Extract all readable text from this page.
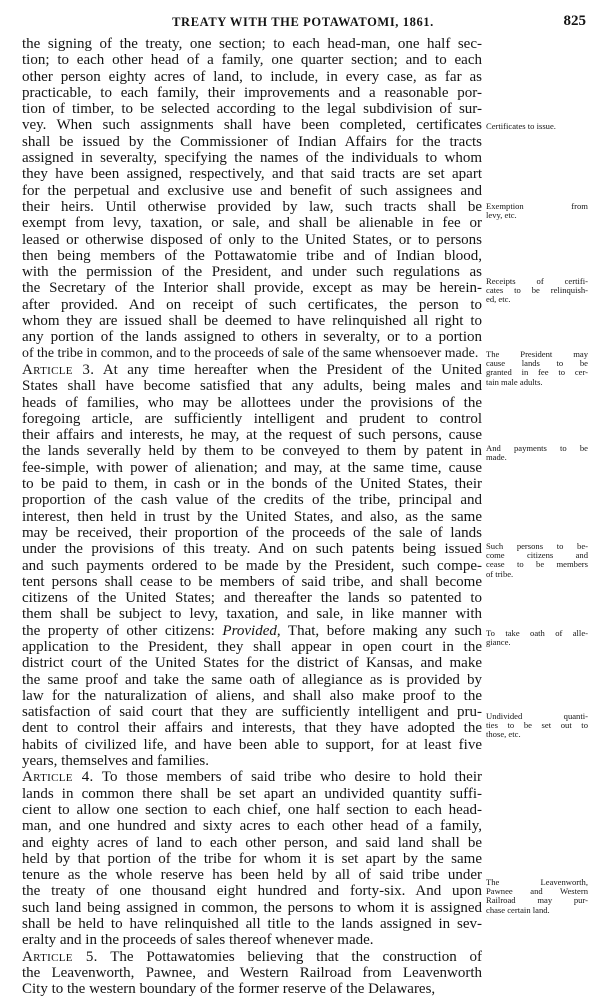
TREATY WITH THE POTAWATOMI, 1861.	825
the signing of the treaty, one section; to each head-man, one half sec-
tion; to each other head of a family, one quarter section; and to each
other person eighty acres of land, to include, in every case, as far as
practicable, to each family, their improvements and a reasonable por-
tion of timber, to be selected according to the legal subdivision of sur-
vey. When such assignments shall have been completed, certificates
shall be issued by the Commissioner of Indian Affairs for the tracts
assigned in severalty, specifying the names of the individuals to whom
they have been assigned, respectively, and that said tracts are set apart
for the perpetual and exclusive use and benefit of such assignees and
their heirs. Until otherwise provided by law, such tracts shall be
exempt from levy, taxation, or sale, and shall be alienable in fee or
leased or otherwise disposed of only to the United States, or to persons
then being members of the Pottawatomie tribe and of Indian blood,
with the permission of the President, and under such regulations as
the Secretary of the Interior shall provide, except as may be herein-
after provided. And on receipt of such certificates, the person to
whom they are issued shall be deemed to have relinquished all right to
any portion of the lands assigned to others in severalty, or to a portion
of the tribe in common, and to the proceeds of sale of the same whensoever made.
Article 3. At any time hereafter when the President of the United
States shall have become satisfied that any adults, being males and
heads of families, who may be allottees under the provisions of the
foregoing article, are sufficiently intelligent and prudent to control
their affairs and interests, he may, at the request of such persons, cause
the lands severally held by them to be conveyed to them by patent in
fee-simple, with power of alienation; and may, at the same time, cause
to be paid to them, in cash or in the bonds of the United States, their
proportion of the cash value of the credits of the tribe, principal and
interest, then held in trust by the United States, and also, as the same
may be received, their proportion of the proceeds of the sale of lands
under the provisions of this treaty. And on such patents being issued
and such payments ordered to be made by the President, such compe-
tent persons shall cease to be members of said tribe, and shall become
citizens of the United States; and thereafter the lands so patented to
them shall be subject to levy, taxation, and sale, in like manner with
the property of other citizens: Provided, That, before making any such
application to the President, they shall appear in open court in the
district court of the United States for the district of Kansas, and make
the same proof and take the same oath of allegiance as is provided by
law for the naturalization of aliens, and shall also make proof to the
satisfaction of said court that they are sufficiently intelligent and pru-
dent to control their affairs and interests, that they have adopted the
habits of civilized life, and have been able to support, for at least five
years, themselves and families.
Article 4. To those members of said tribe who desire to hold their
lands in common there shall be set apart an undivided quantity suffi-
cient to allow one section to each chief, one half section to each head-
man, and one hundred and sixty acres to each other head of a family,
and eighty acres of land to each other person, and said land shall be
held by that portion of the tribe for whom it is set apart by the same
tenure as the whole reserve has been held by all of said tribe under
the treaty of one thousand eight hundred and forty-six. And upon
such land being assigned in common, the persons to whom it is assigned
shall be held to have relinquished all title to the lands assigned in sev-
eralty and in the proceeds of sales thereof whenever made.
Article 5. The Pottawatomies believing that the construction of
the Leavenworth, Pawnee, and Western Railroad from Leavenworth
City to the western boundary of the former reserve of the Delawares,
Certificates to issue.
Exemption from
levy, etc.
Receipts of certifi-
cates to be relinquish-
ed, etc.
The President may
cause lands to be
granted in fee to cer-
tain male adults.
And payments to be
made.
Such persons to be-
come citizens and
cease to be members
of tribe.
To take oath of alle-
giance.
Undivided quanti-
ties to be set out to
those, etc.
The Leavenworth,
Pawnee and Western
Railroad may pur-
chase certain land.
